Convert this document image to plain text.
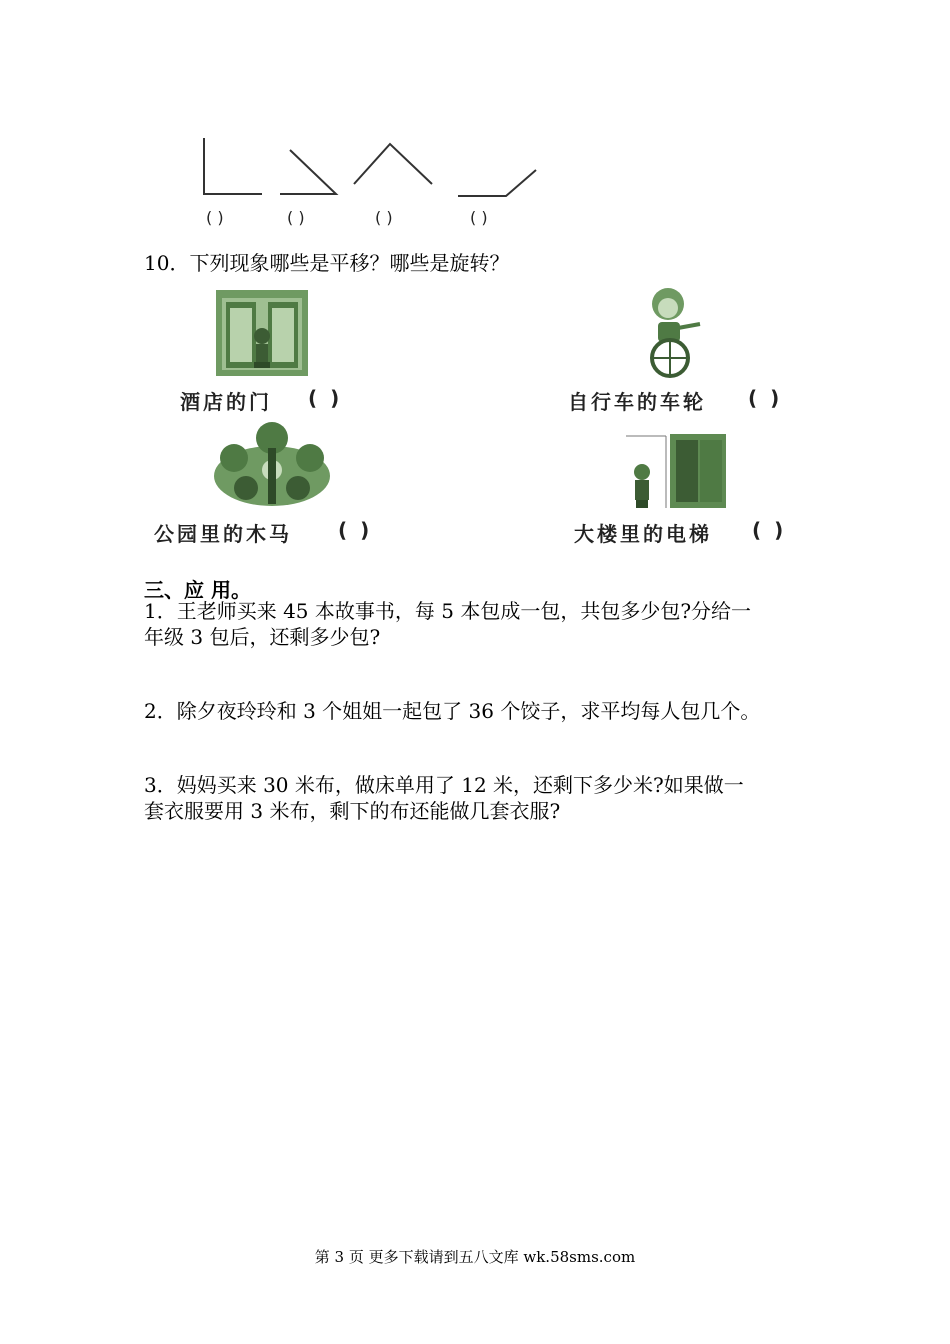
( )	( )	( )	( )
10．下列现象哪些是平移？哪些是旋转？
酒店的门 ( )	自行车的车轮 ( )
公园里的木马 ( )	大楼里的电梯 ( )
三、应 用。
1．王老师买来 45 本故事书，每 5 本包成一包，共包多少包?分给一
年级 3 包后，还剩多少包?
2．除夕夜玲玲和 3 个姐姐一起包了 36 个饺子，求平均每人包几个。
3．妈妈买来 30 米布，做床单用了 12 米，还剩下多少米?如果做一
套衣服要用 3 米布，剩下的布还能做几套衣服?
第 3 页 更多下载请到五八文库 wk.58sms.com
